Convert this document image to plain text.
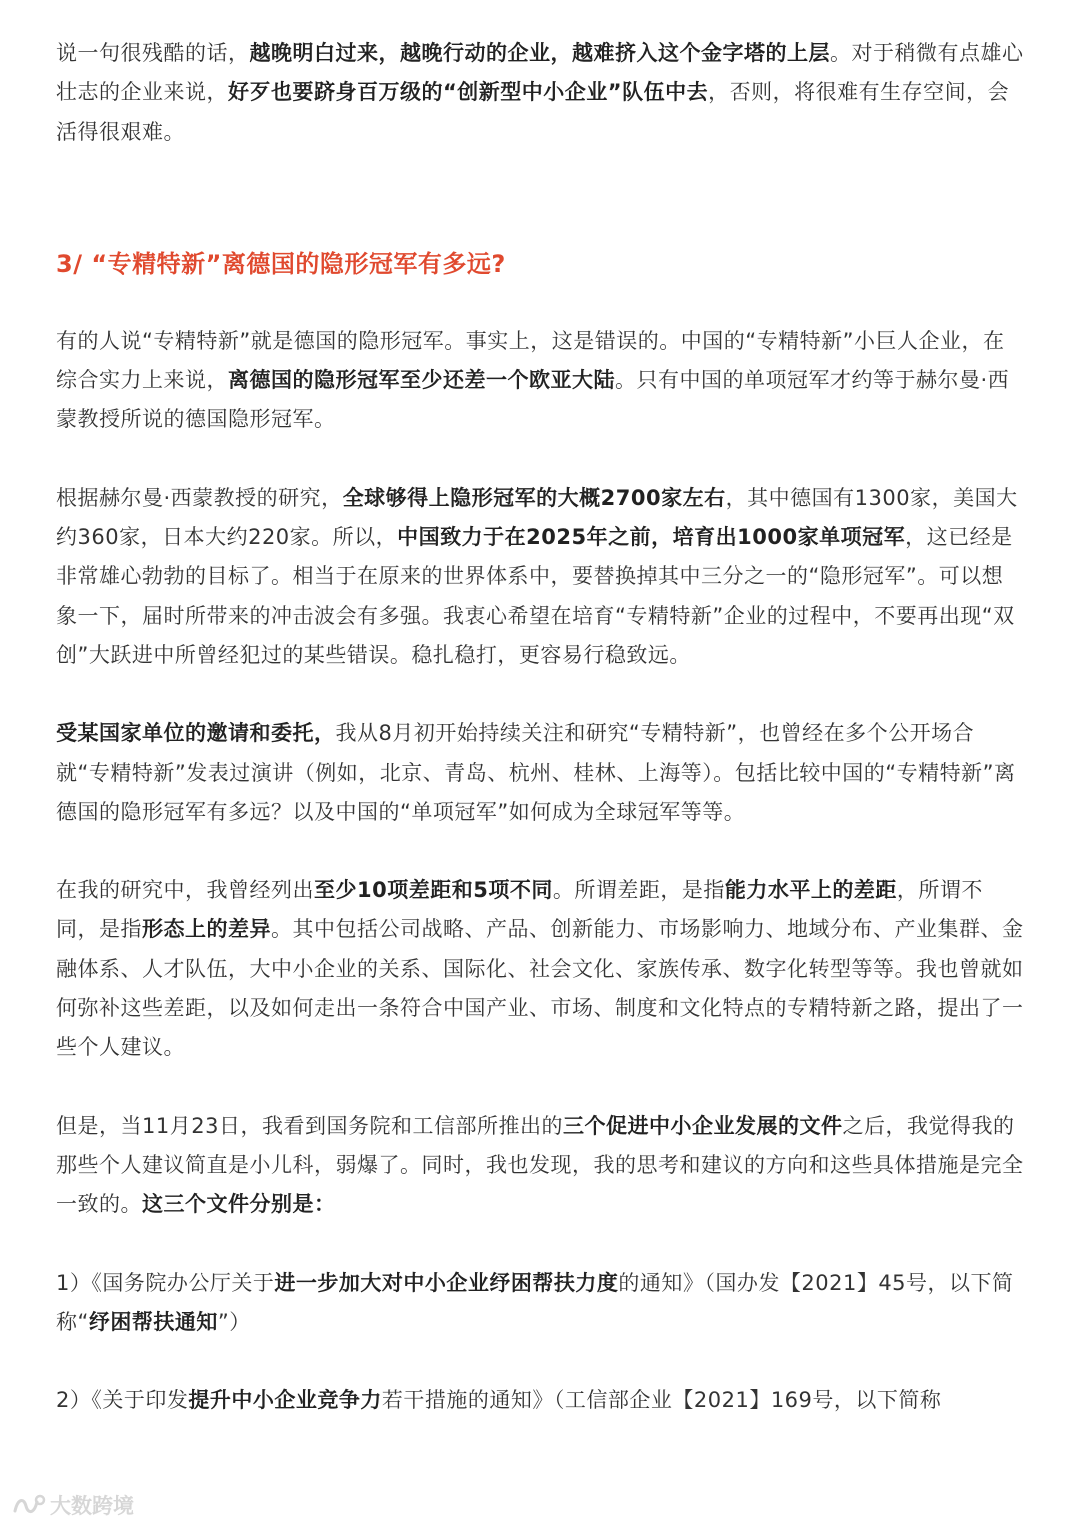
说一句很残酷的话，越晚明白过来，越晚行动的企业，越难挤入这个金字塔的上层。对于稍微有点雄心壮志的企业来说，好歹也要跻身百万级的“创新型中小企业”队伍中去，否则，将很难有生存空间，会活得很艰难。

3/ “专精特新”离德国的隐形冠军有多远?

有的人说“专精特新”就是德国的隐形冠军。事实上，这是错误的。中国的“专精特新”小巨人企业，在综合实力上来说，离德国的隐形冠军至少还差一个欧亚大陆。只有中国的单项冠军才约等于赫尔曼·西蒙教授所说的德国隐形冠军。

根据赫尔曼·西蒙教授的研究，全球够得上隐形冠军的大概2700家左右，其中德国有1300家，美国大约360家，日本大约220家。所以，中国致力于在2025年之前，培育出1000家单项冠军，这已经是非常雄心勃勃的目标了。相当于在原来的世界体系中，要替换掉其中三分之一的“隐形冠军”。可以想象一下，届时所带来的冲击波会有多强。我衷心希望在培育“专精特新”企业的过程中，不要再出现“双创”大跃进中所曾经犯过的某些错误。稳扎稳打，更容易行稳致远。

受某国家单位的邀请和委托，我从8月初开始持续关注和研究“专精特新”，也曾经在多个公开场合就“专精特新”发表过演讲（例如，北京、青岛、杭州、桂林、上海等）。包括比较中国的“专精特新”离德国的隐形冠军有多远？以及中国的“单项冠军”如何成为全球冠军等等。

在我的研究中，我曾经列出至少10项差距和5项不同。所谓差距，是指能力水平上的差距，所谓不同，是指形态上的差异。其中包括公司战略、产品、创新能力、市场影响力、地域分布、产业集群、金融体系、人才队伍，大中小企业的关系、国际化、社会文化、家族传承、数字化转型等等。我也曾就如何弥补这些差距，以及如何走出一条符合中国产业、市场、制度和文化特点的专精特新之路，提出了一些个人建议。

但是，当11月23日，我看到国务院和工信部所推出的三个促进中小企业发展的文件之后，我觉得我的那些个人建议简直是小儿科，弱爆了。同时，我也发现，我的思考和建议的方向和这些具体措施是完全一致的。这三个文件分别是：

1）《国务院办公厅关于进一步加大对中小企业纾困帮扶力度的通知》（国办发【2021】45号，以下简称“纾困帮扶通知”）

2）《关于印发提升中小企业竞争力若干措施的通知》（工信部企业【2021】169号，以下简称

大数跨境
